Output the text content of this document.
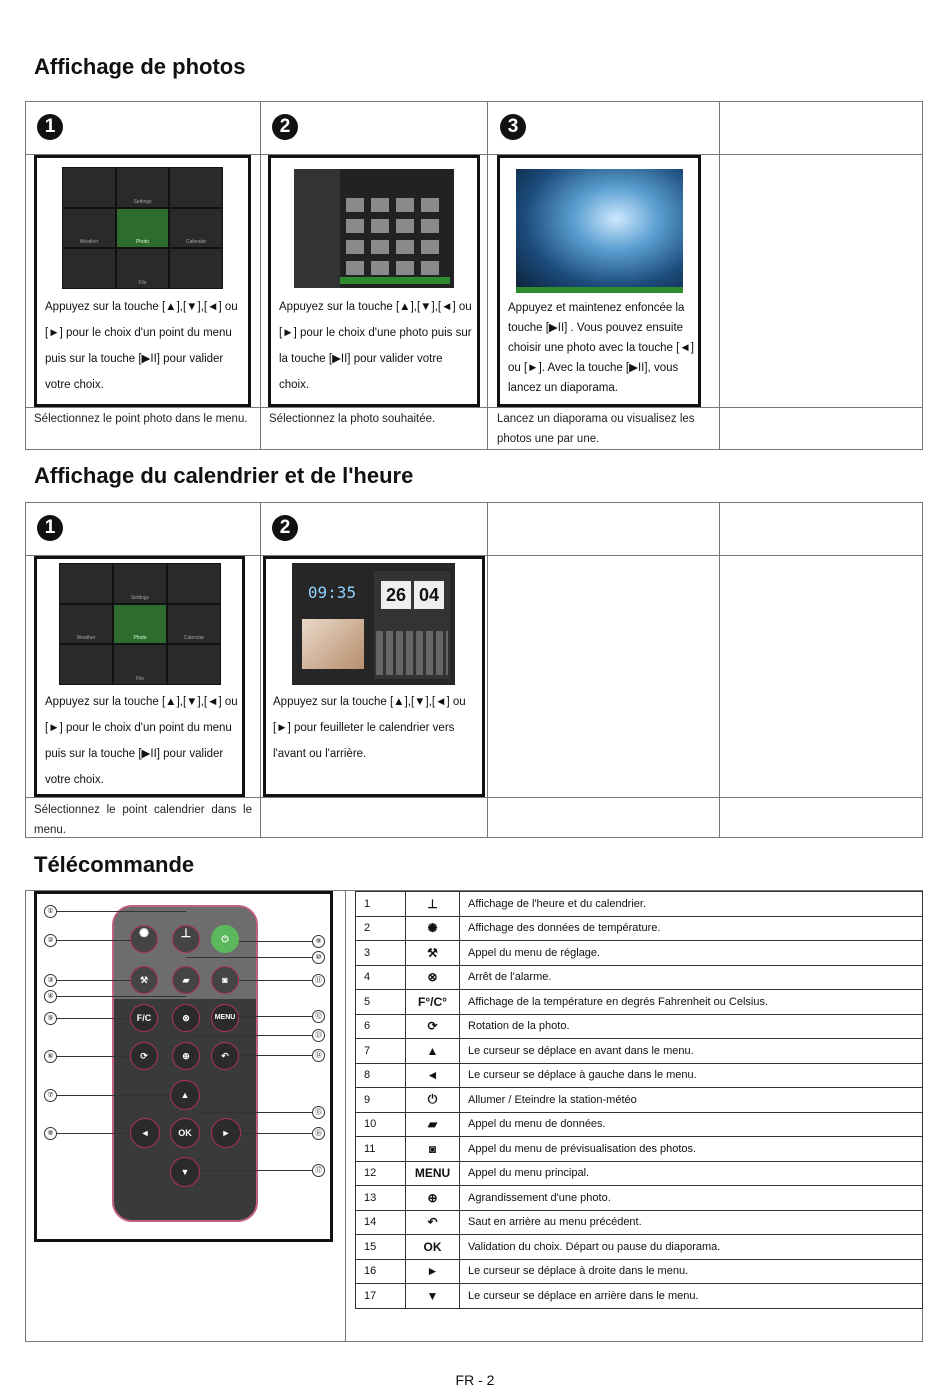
Affichage de photos
1	2	3
Settings
Weather	Photo	Calendar
File
Appuyez sur la touche [▲],[▼],[◄] ou [►] pour le choix d'un point du menu puis sur la touche [▶II] pour valider votre choix.
Appuyez sur la touche [▲],[▼],[◄] ou [►] pour le choix d'une photo puis sur la touche [▶II] pour valider votre choix.
Appuyez et maintenez enfoncée la touche [▶II] . Vous pouvez ensuite choisir une photo avec la touche [◄] ou [►]. Avec la touche [▶II], vous lancez un diaporama.
Sélectionnez le point photo dans le menu.	Sélectionnez la photo souhaitée.	Lancez un diaporama ou visualisez les photos une par une.
Affichage du calendrier et de l'heure
1	2
Settings
Weather	Photo	Calendar
File
Appuyez sur la touche [▲],[▼],[◄] ou [►] pour le choix d'un point du menu puis sur la touche [▶II] pour valider votre choix.
09:35	26 04
Appuyez sur la touche [▲],[▼],[◄] ou [►] pour feuilleter le calendrier vers l'avant ou l'arrière.
Sélectionnez le point calendrier dans le menu.
Télécommande
✺	⊥	⏻
⚒	▰	◙
F/C	⊗	MENU
⟳	⊕	↶
▲
◄	OK	►
▼
①
②
③
④
⑤
⑥
⑦
⑧
⑨
⑩
⑪
⑫
⑬
⑭
⑮
⑯
⑰
1	⊥	Affichage de l'heure et du calendrier.
2	✺	Affichage des données de température.
3	⚒	Appel du menu de réglage.
4	⊗	Arrêt de l'alarme.
5	F°/C°	Affichage de la température en degrés Fahrenheit ou Celsius.
6	⟳	Rotation de la photo.
7	▲	Le curseur se déplace en avant dans le menu.
8	◄	Le curseur se déplace à gauche dans le menu.
9	⏻	Allumer / Eteindre la station-météo
10	▰	Appel du menu de données.
11	◙	Appel du menu de prévisualisation des photos.
12	MENU	Appel du menu principal.
13	⊕	Agrandissement d'une photo.
14	↶	Saut en arrière au menu précédent.
15	OK	Validation du choix. Départ ou pause du diaporama.
16	►	Le curseur se déplace à droite dans le menu.
17	▼	Le curseur se déplace en arrière dans le menu.
FR - 2
